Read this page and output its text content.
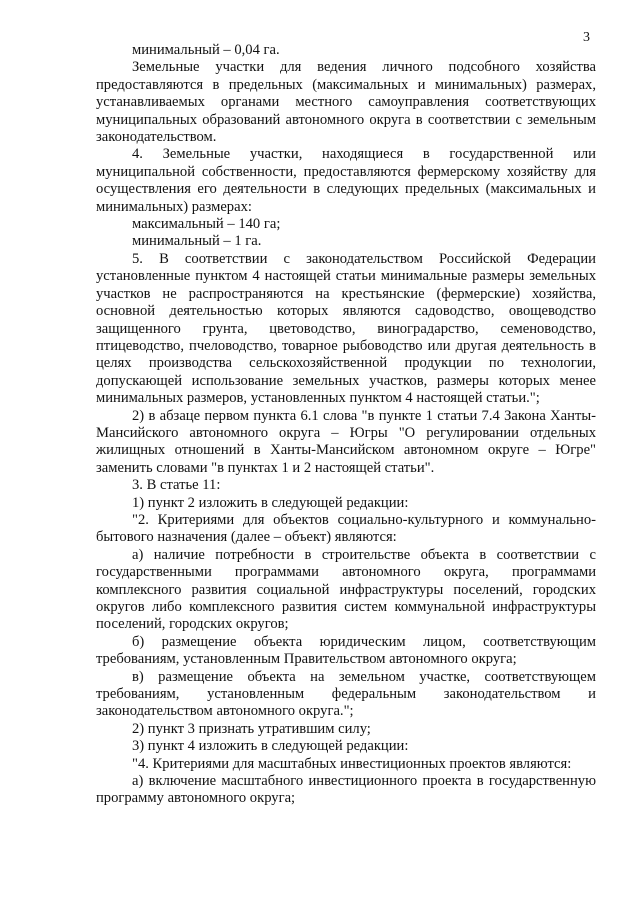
3

минимальный – 0,04 га.

Земельные участки для ведения личного подсобного хозяйства предоставляются в предельных (максимальных и минимальных) размерах, устанавливаемых органами местного самоуправления соответствующих муниципальных образований автономного округа в соответствии с земельным законодательством.

4. Земельные участки, находящиеся в государственной или муниципальной собственности, предоставляются фермерскому хозяйству для осуществления его деятельности в следующих предельных (максимальных и минимальных) размерах:

максимальный – 140 га;

минимальный – 1 га.

5. В соответствии с законодательством Российской Федерации установленные пунктом 4 настоящей статьи минимальные размеры земельных участков не распространяются на крестьянские (фермерские) хозяйства, основной деятельностью которых являются садоводство, овощеводство защищенного грунта, цветоводство, виноградарство, семеноводство, птицеводство, пчеловодство, товарное рыбоводство или другая деятельность в целях производства сельскохозяйственной продукции по технологии, допускающей использование земельных участков, размеры которых менее минимальных размеров, установленных пунктом 4 настоящей статьи.";

2) в абзаце первом пункта 6.1 слова "в пункте 1 статьи 7.4 Закона Ханты-Мансийского автономного округа – Югры "О регулировании отдельных жилищных отношений в Ханты-Мансийском автономном округе – Югре" заменить словами "в пунктах 1 и 2 настоящей статьи".

3. В статье 11:

1) пункт 2 изложить в следующей редакции:

"2. Критериями для объектов социально-культурного и коммунально-бытового назначения (далее – объект) являются:

а) наличие потребности в строительстве объекта в соответствии с государственными программами автономного округа, программами комплексного развития социальной инфраструктуры поселений, городских округов либо комплексного развития систем коммунальной инфраструктуры поселений, городских округов;

б) размещение объекта юридическим лицом, соответствующим требованиям, установленным Правительством автономного округа;

в) размещение объекта на земельном участке, соответствующем требованиям, установленным федеральным законодательством и законодательством автономного округа.";

2) пункт 3 признать утратившим силу;

3) пункт 4 изложить в следующей редакции:

"4. Критериями для масштабных инвестиционных проектов являются:

а) включение масштабного инвестиционного проекта в государственную программу автономного округа;
